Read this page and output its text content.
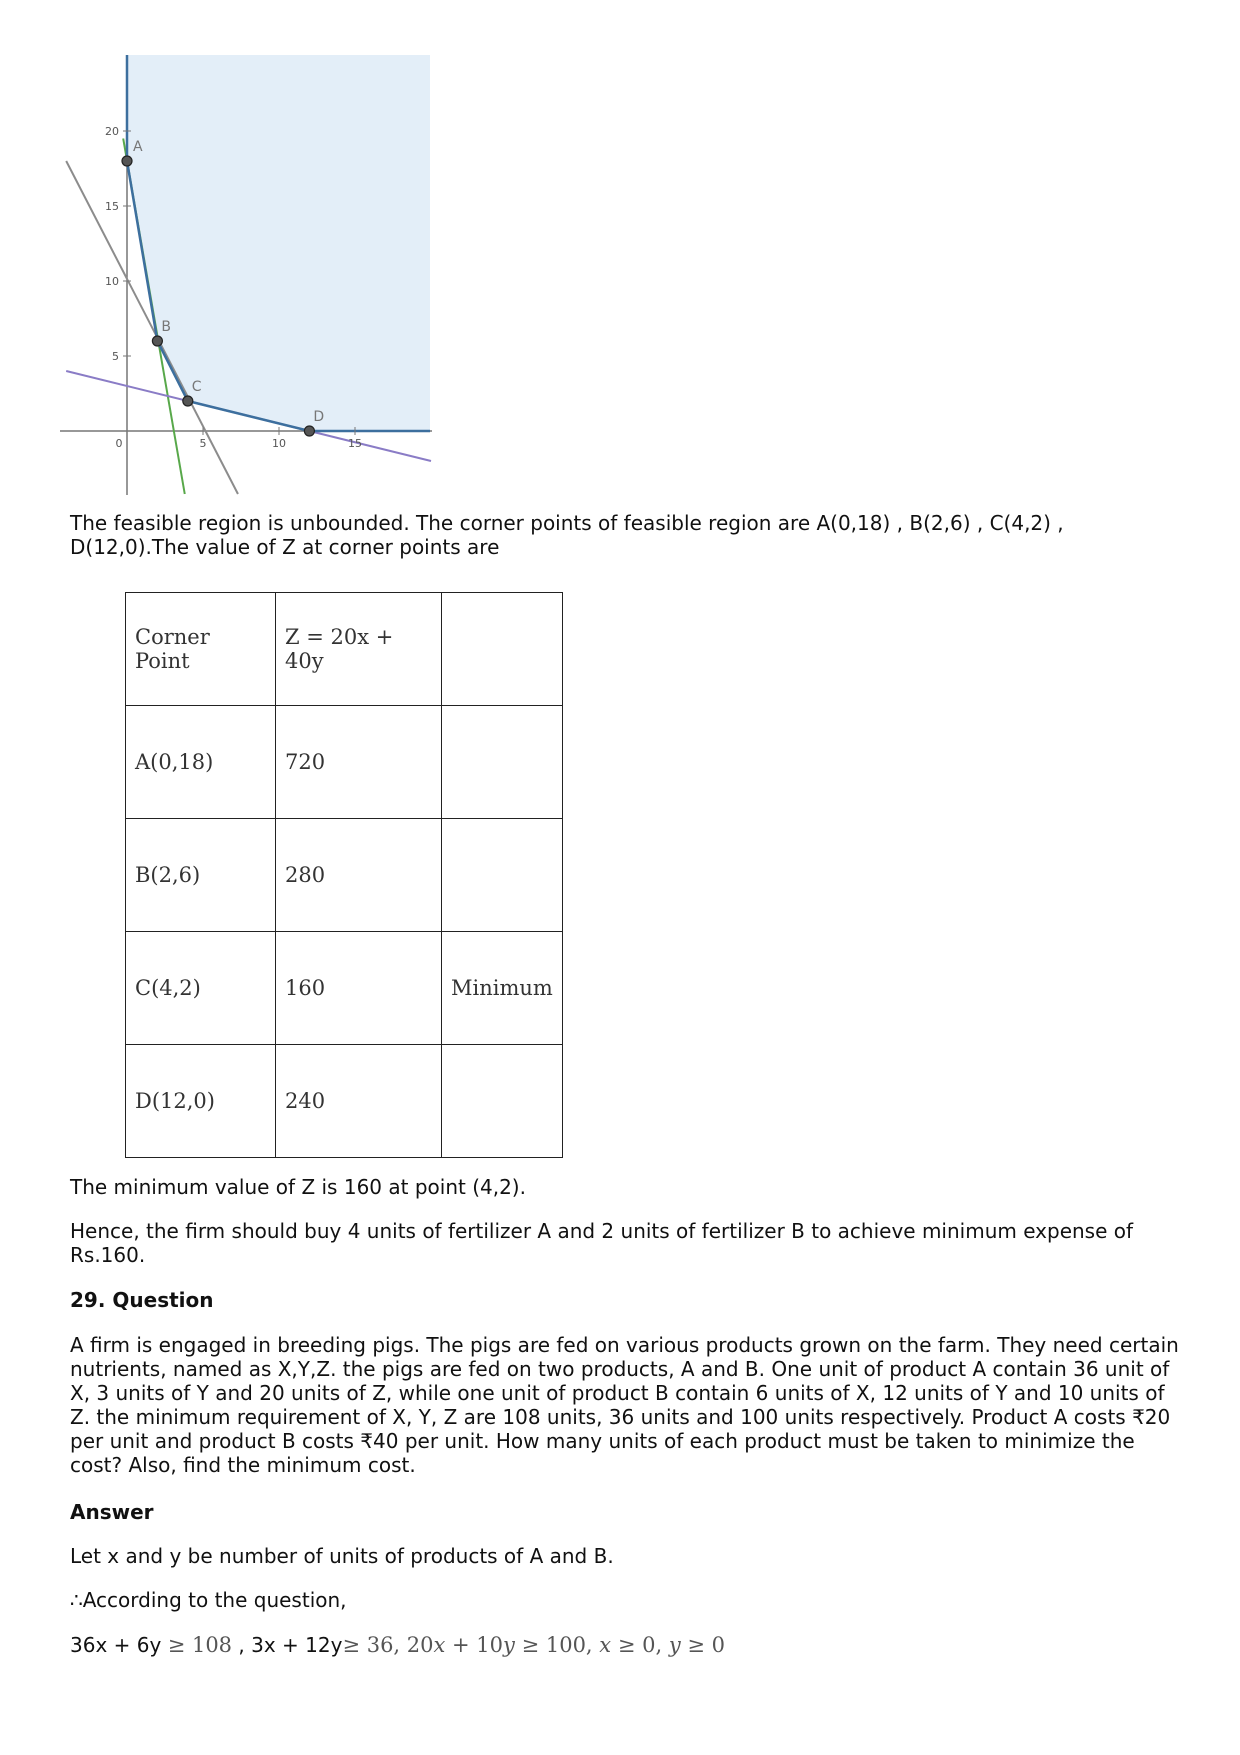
0	5	10	15
5
10
15
20
A
B
C
D

The feasible region is unbounded. The corner points of feasible region are A(0,18) , B(2,6) , C(4,2) , D(12,0).The value of Z at corner points are

Corner Point	Z = 20x + 40y	
A(0,18)	720	
B(2,6)	280	
C(4,2)	160	Minimum
D(12,0)	240	

The minimum value of Z is 160 at point (4,2).

Hence, the firm should buy 4 units of fertilizer A and 2 units of fertilizer B to achieve minimum expense of Rs.160.

29. Question

A firm is engaged in breeding pigs. The pigs are fed on various products grown on the farm. They need certain nutrients, named as X,Y,Z. the pigs are fed on two products, A and B. One unit of product A contain 36 unit of X, 3 units of Y and 20 units of Z, while one unit of product B contain 6 units of X, 12 units of Y and 10 units of Z. the minimum requirement of X, Y, Z are 108 units, 36 units and 100 units respectively. Product A costs ₹20 per unit and product B costs ₹40 per unit. How many units of each product must be taken to minimize the cost? Also, find the minimum cost.

Answer

Let x and y be number of units of products of A and B.

∴According to the question,

36x + 6y ≥ 108 , 3x + 12y≥ 36, 20x + 10y ≥ 100, x ≥ 0, y ≥ 0
